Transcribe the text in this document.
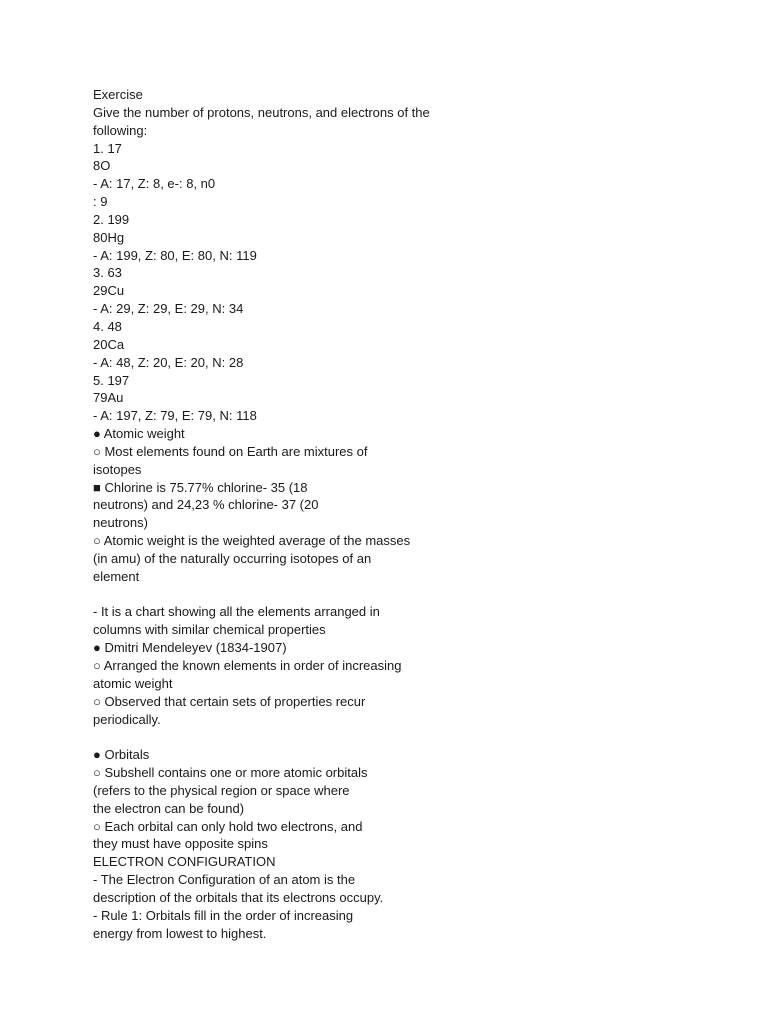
Exercise
Give the number of protons, neutrons, and electrons of the
following:
1. 17
8O
- A: 17, Z: 8, e-: 8, n0
: 9
2. 199
80Hg
- A: 199, Z: 80, E: 80, N: 119
3. 63
29Cu
- A: 29, Z: 29, E: 29, N: 34
4. 48
20Ca
- A: 48, Z: 20, E: 20, N: 28
5. 197
79Au
- A: 197, Z: 79, E: 79, N: 118
● Atomic weight
○ Most elements found on Earth are mixtures of
isotopes
■ Chlorine is 75.77% chlorine- 35 (18
neutrons) and 24,23 % chlorine- 37 (20
neutrons)
○ Atomic weight is the weighted average of the masses
(in amu) of the naturally occurring isotopes of an
element
- It is a chart showing all the elements arranged in
columns with similar chemical properties
● Dmitri Mendeleyev (1834-1907)
○ Arranged the known elements in order of increasing
atomic weight
○ Observed that certain sets of properties recur
periodically.
● Orbitals
○ Subshell contains one or more atomic orbitals
(refers to the physical region or space where
the electron can be found)
○ Each orbital can only hold two electrons, and
they must have opposite spins
ELECTRON CONFIGURATION
- The Electron Configuration of an atom is the
description of the orbitals that its electrons occupy.
- Rule 1: Orbitals fill in the order of increasing
energy from lowest to highest.
